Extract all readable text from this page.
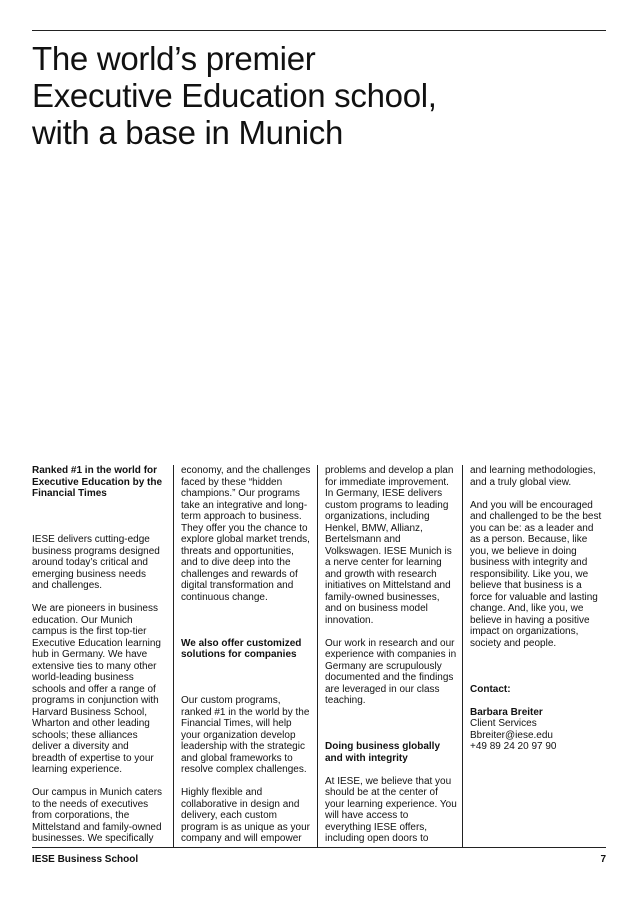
The world’s premier
Executive Education school,
with a base in Munich

Ranked #1 in the world for Executive Education by the Financial Times

IESE delivers cutting-edge business programs designed around today’s critical and emerging business needs and challenges.

We are pioneers in business education. Our Munich campus is the first top-tier Executive Education learning hub in Germany. We have extensive ties to many other world-leading business schools and offer a range of programs in conjunction with Harvard Business School, Wharton and other leading schools; these alliances deliver a diversity and breadth of expertise to your learning experience.

Our campus in Munich caters to the needs of executives from corporations, the Mittelstand and family-owned businesses. We specifically

economy, and the challenges faced by these “hidden champions.” Our programs take an integrative and long-term approach to business. They offer you the chance to explore global market trends, threats and opportunities, and to dive deep into the challenges and rewards of digital transformation and continuous change.

We also offer customized solutions for companies

Our custom programs, ranked #1 in the world by the Financial Times, will help your organization develop leadership with the strategic and global frameworks to resolve complex challenges.

Highly flexible and collaborative in design and delivery, each custom program is as unique as your company and will empower

problems and develop a plan for immediate improvement. In Germany, IESE delivers custom programs to leading organizations, including Henkel, BMW, Allianz, Bertelsmann and Volkswagen. IESE Munich is a nerve center for learning and growth with research initiatives on Mittelstand and family-owned businesses, and on business model innovation.

Our work in research and our experience with companies in Germany are scrupulously documented and the findings are leveraged in our class teaching.

Doing business globally and with integrity

At IESE, we believe that you should be at the center of your learning experience. You will have access to everything IESE offers, including open doors to

and learning methodologies, and a truly global view.

And you will be encouraged and challenged to be the best you can be: as a leader and as a person. Because, like you, we believe in doing business with integrity and responsibility. Like you, we believe that business is a force for valuable and lasting change. And, like you, we believe in having a positive impact on organizations, society and people.

Contact:

Barbara Breiter
Client Services
Bbreiter@iese.edu
+49 89 24 20 97 90

IESE Business School	7
